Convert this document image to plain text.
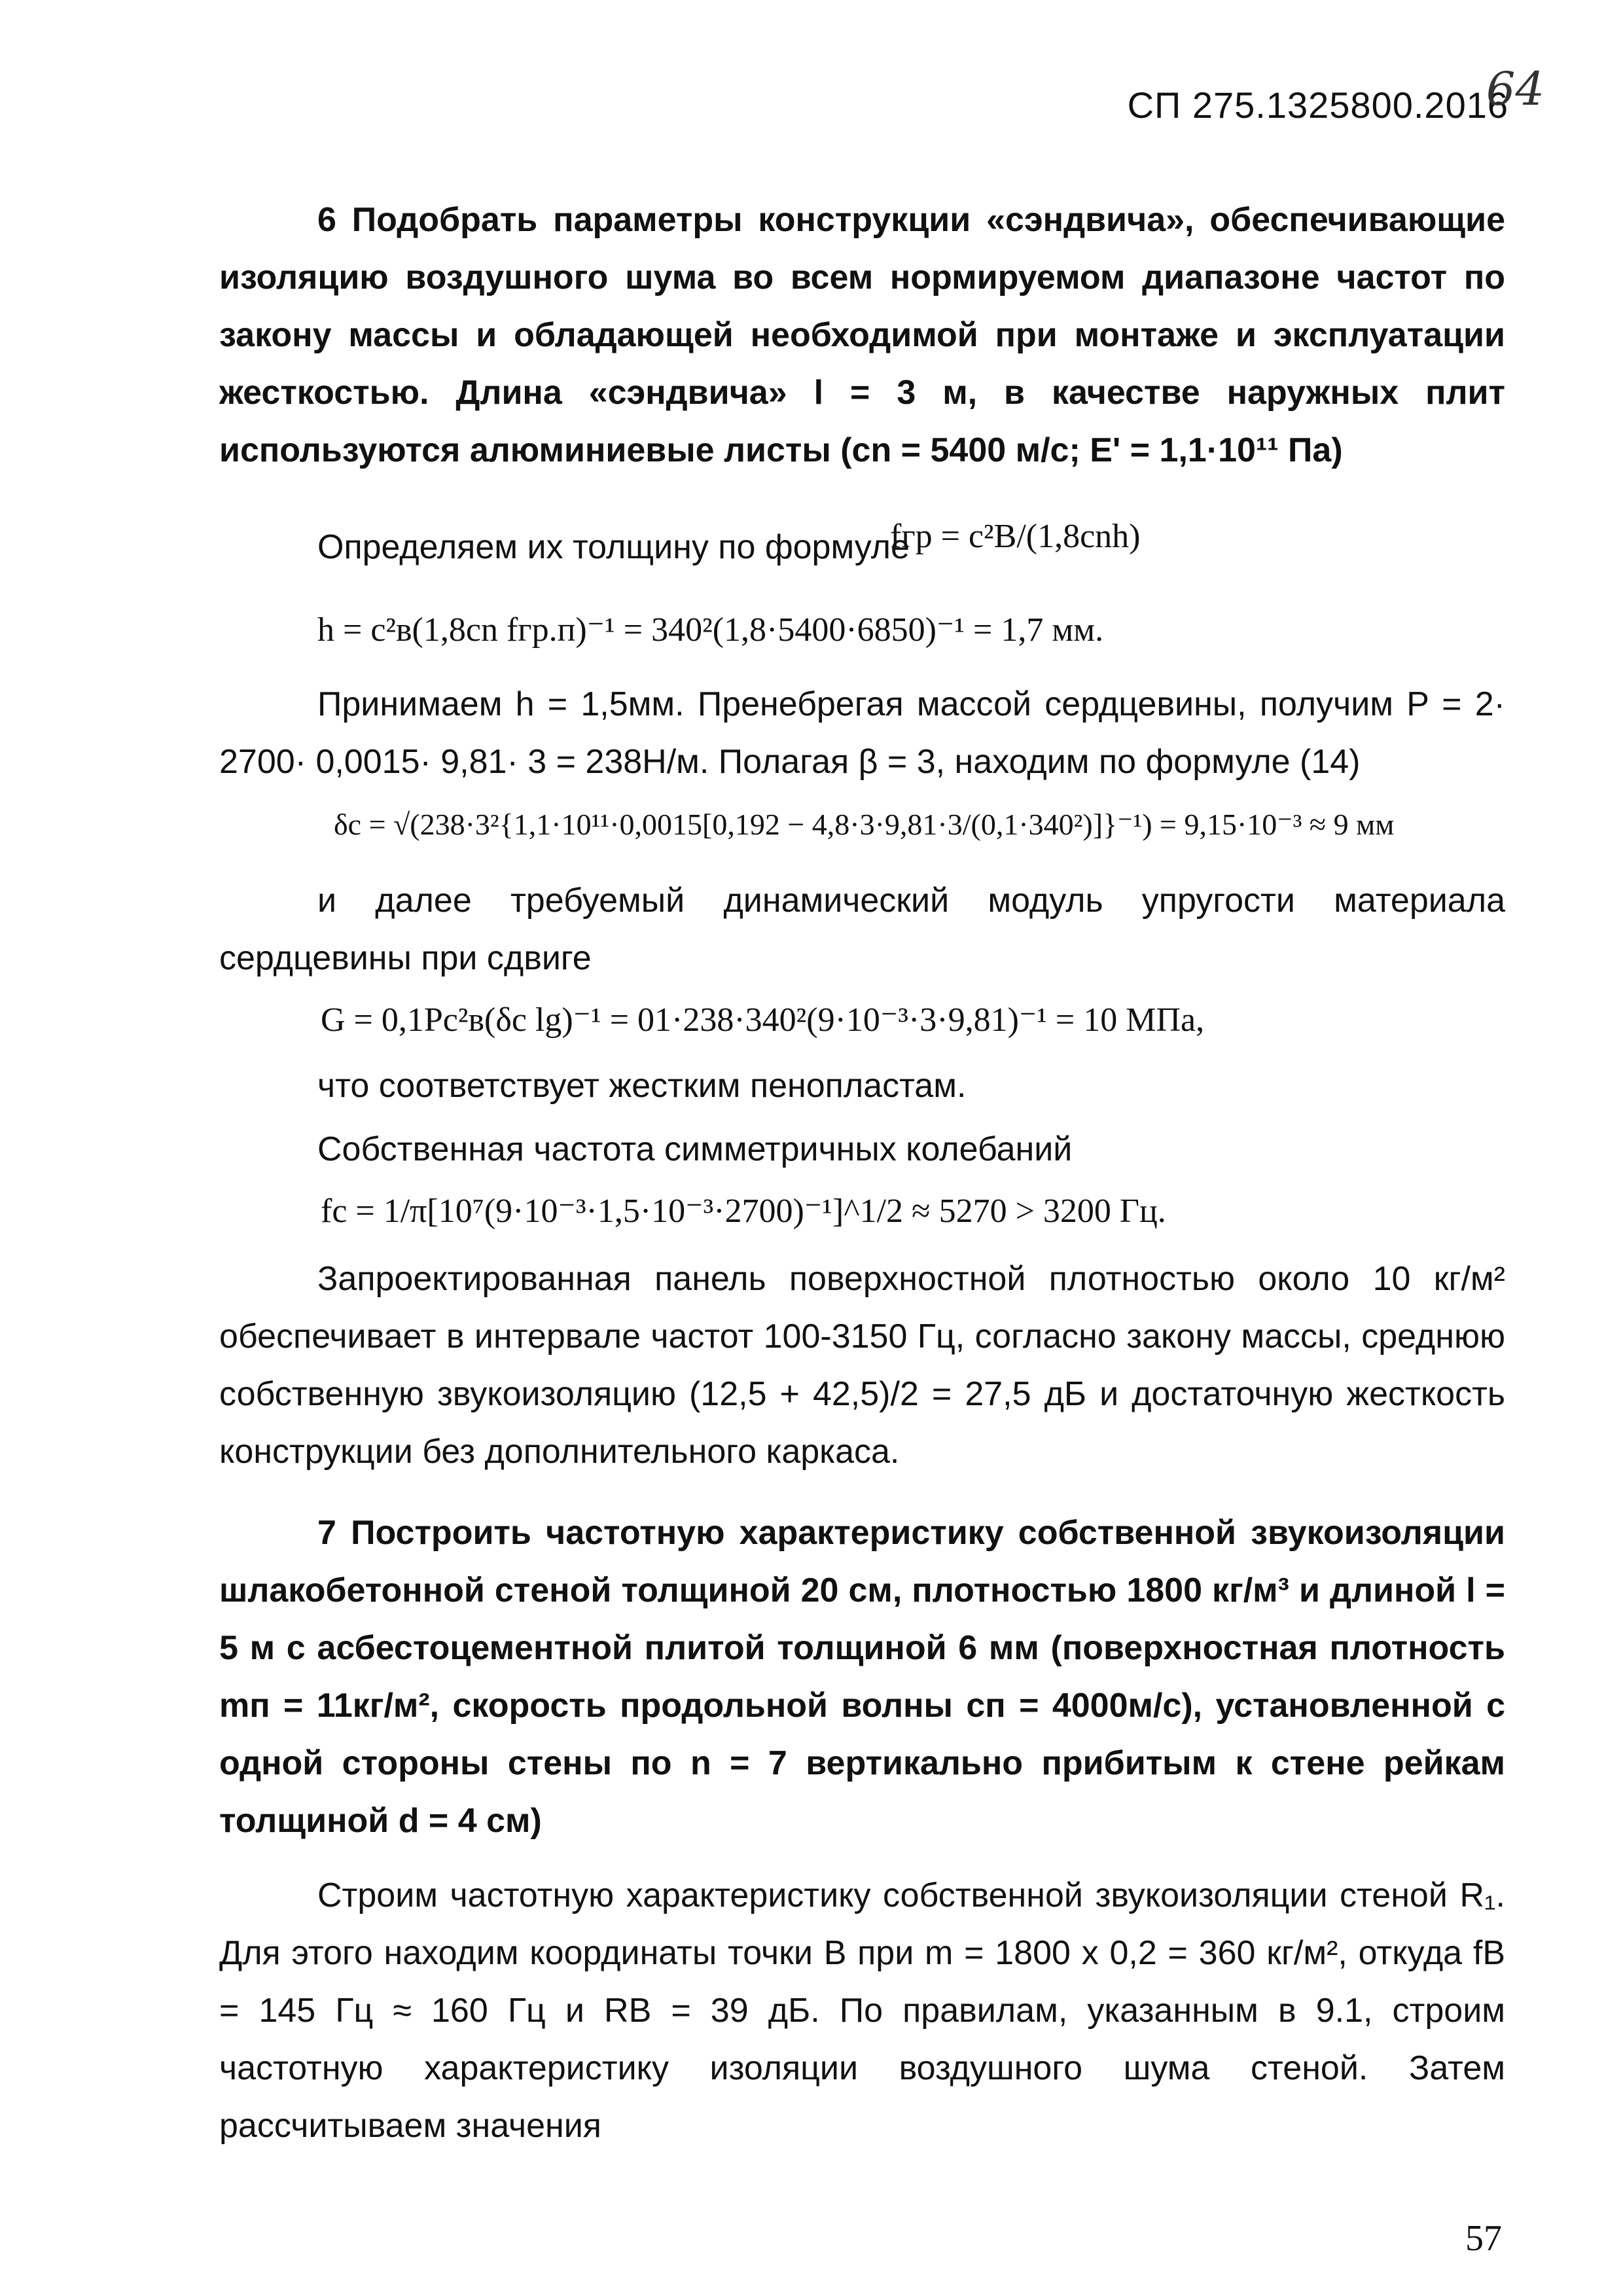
СП 275.1325800.2016
64
6 Подобрать параметры конструкции «сэндвича», обеспечивающие изоляцию воздушного шума во всем нормируемом диапазоне частот по закону массы и обладающей необходимой при монтаже и эксплуатации жесткостью. Длина «сэндвича» l = 3 м, в качестве наружных плит используются алюминиевые листы (cn = 5400 м/с; E' = 1,1·10¹¹ Па)
Определяем их толщину по формуле
fгр = c²B/(1,8cnh)
h = c²в(1,8cn fгр.п)⁻¹ = 340²(1,8·5400·6850)⁻¹ = 1,7 мм.
Принимаем h = 1,5мм. Пренебрегая массой сердцевины, получим P = 2· 2700· 0,0015· 9,81· 3 = 238Н/м. Полагая β = 3, находим по формуле (14)
δc = √(238·3²{1,1·10¹¹·0,0015[0,192 − 4,8·3·9,81·3/(0,1·340²)]}⁻¹) = 9,15·10⁻³ ≈ 9 мм
и далее требуемый динамический модуль упругости материала сердцевины при сдвиге
G = 0,1Pc²в(δc lg)⁻¹ = 01·238·340²(9·10⁻³·3·9,81)⁻¹ = 10 МПа,
что соответствует жестким пенопластам.
Собственная частота симметричных колебаний
fc = 1/π[10⁷(9·10⁻³·1,5·10⁻³·2700)⁻¹]^1/2 ≈ 5270 > 3200 Гц.
Запроектированная панель поверхностной плотностью около 10 кг/м² обеспечивает в интервале частот 100-3150 Гц, согласно закону массы, среднюю собственную звукоизоляцию (12,5 + 42,5)/2 = 27,5 дБ и достаточную жесткость конструкции без дополнительного каркаса.
7 Построить частотную характеристику собственной звукоизоляции шлакобетонной стеной толщиной 20 см, плотностью 1800 кг/м³ и длиной l = 5 м с асбестоцементной плитой толщиной 6 мм (поверхностная плотность mп = 11кг/м², скорость продольной волны cп = 4000м/с), установленной с одной стороны стены по n = 7 вертикально прибитым к стене рейкам толщиной d = 4 см)
Строим частотную характеристику собственной звукоизоляции стеной R₁. Для этого находим координаты точки B при m = 1800 х 0,2 = 360 кг/м², откуда fB = 145 Гц ≈ 160 Гц и RB = 39 дБ. По правилам, указанным в 9.1, строим частотную характеристику изоляции воздушного шума стеной. Затем рассчитываем значения
57
